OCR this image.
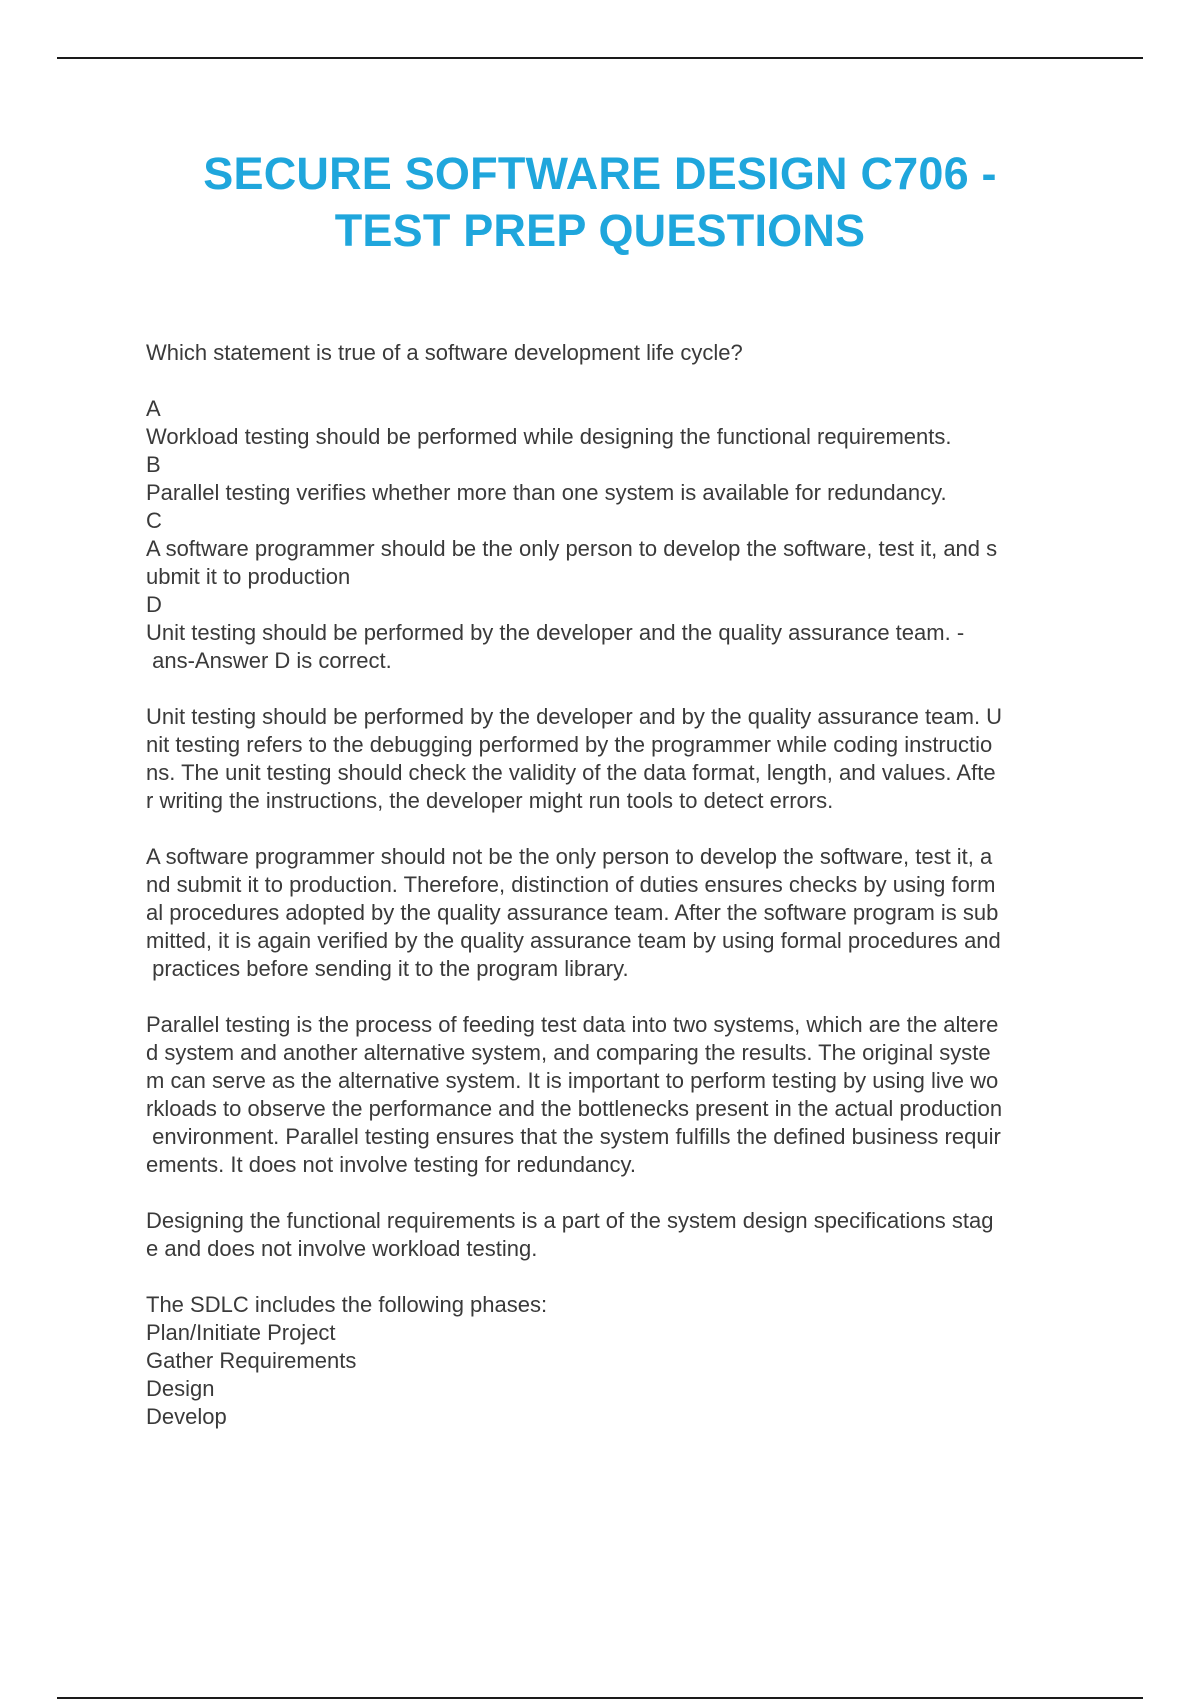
SECURE SOFTWARE DESIGN C706 -
TEST PREP QUESTIONS
Which statement is true of a software development life cycle?
A
Workload testing should be performed while designing the functional requirements.
B
Parallel testing verifies whether more than one system is available for redundancy.
C
A software programmer should be the only person to develop the software, test it, and s
ubmit it to production
D
Unit testing should be performed by the developer and the quality assurance team. -
ans-Answer D is correct.
Unit testing should be performed by the developer and by the quality assurance team. U
nit testing refers to the debugging performed by the programmer while coding instructio
ns. The unit testing should check the validity of the data format, length, and values. Afte
r writing the instructions, the developer might run tools to detect errors.
A software programmer should not be the only person to develop the software, test it, a
nd submit it to production. Therefore, distinction of duties ensures checks by using form
al procedures adopted by the quality assurance team. After the software program is sub
mitted, it is again verified by the quality assurance team by using formal procedures and
practices before sending it to the program library.
Parallel testing is the process of feeding test data into two systems, which are the altere
d system and another alternative system, and comparing the results. The original syste
m can serve as the alternative system. It is important to perform testing by using live wo
rkloads to observe the performance and the bottlenecks present in the actual production
environment. Parallel testing ensures that the system fulfills the defined business requir
ements. It does not involve testing for redundancy.
Designing the functional requirements is a part of the system design specifications stag
e and does not involve workload testing.
The SDLC includes the following phases:
Plan/Initiate Project
Gather Requirements
Design
Develop
